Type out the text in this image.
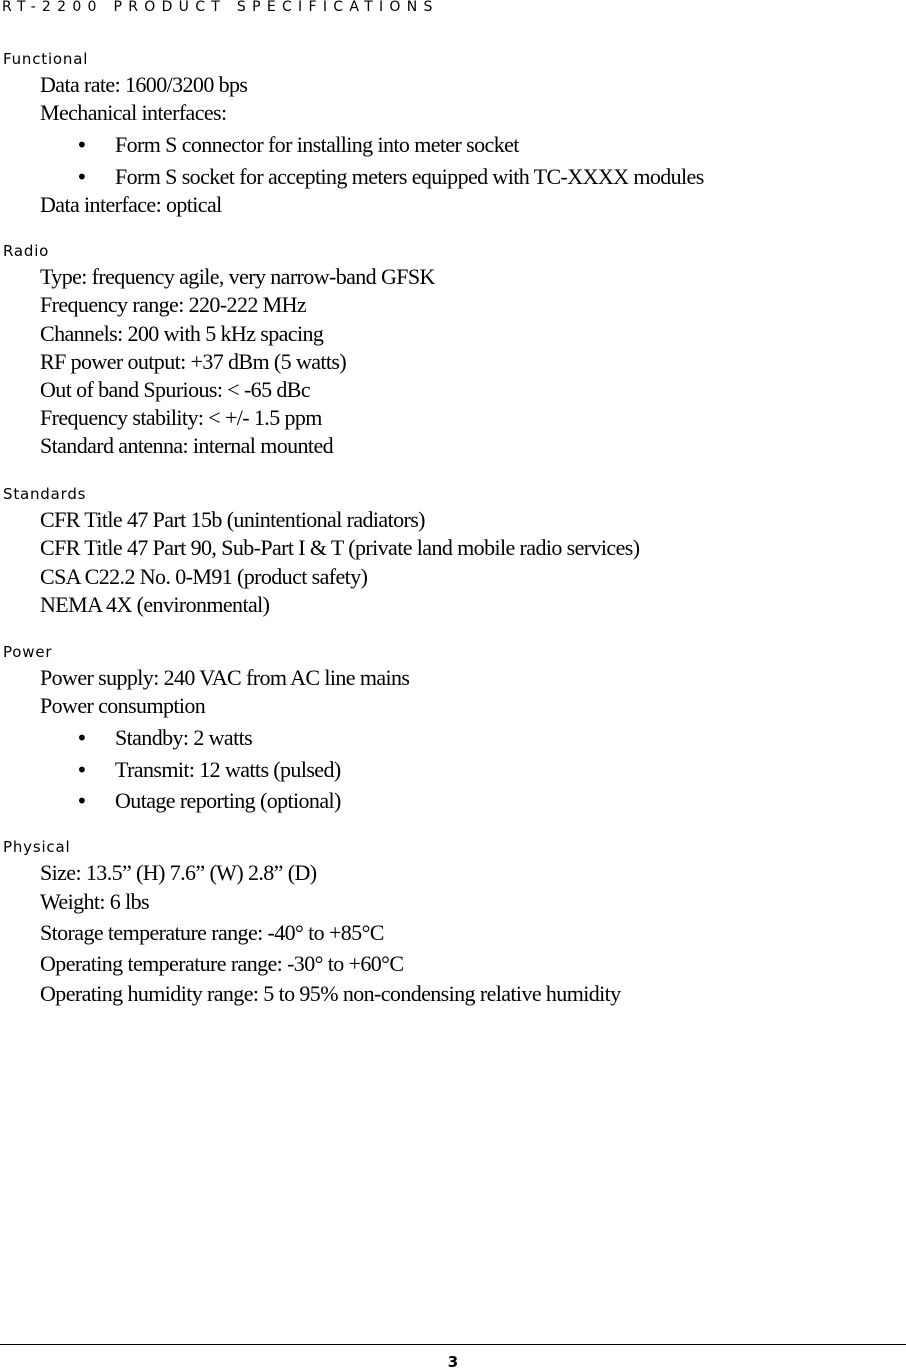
RT-2200 PRODUCT SPECIFICATIONS
Functional
Data rate: 1600/3200 bps
Mechanical interfaces:
• Form S connector for installing into meter socket
• Form S socket for accepting meters equipped with TC-XXXX modules
Data interface: optical
Radio
Type: frequency agile, very narrow-band GFSK
Frequency range: 220-222 MHz
Channels: 200 with 5 kHz spacing
RF power output: +37 dBm (5 watts)
Out of band Spurious: < -65 dBc
Frequency stability: < +/- 1.5 ppm
Standard antenna: internal mounted
Standards
CFR Title 47 Part 15b (unintentional radiators)
CFR Title 47 Part 90, Sub-Part I & T (private land mobile radio services)
CSA C22.2 No. 0-M91 (product safety)
NEMA 4X (environmental)
Power
Power supply: 240 VAC from AC line mains
Power consumption
• Standby: 2 watts
• Transmit: 12 watts (pulsed)
• Outage reporting (optional)
Physical
Size: 13.5” (H) 7.6” (W) 2.8” (D)
Weight: 6 lbs
Storage temperature range: -40° to +85°C
Operating temperature range: -30° to +60°C
Operating humidity range: 5 to 95% non-condensing relative humidity
3
